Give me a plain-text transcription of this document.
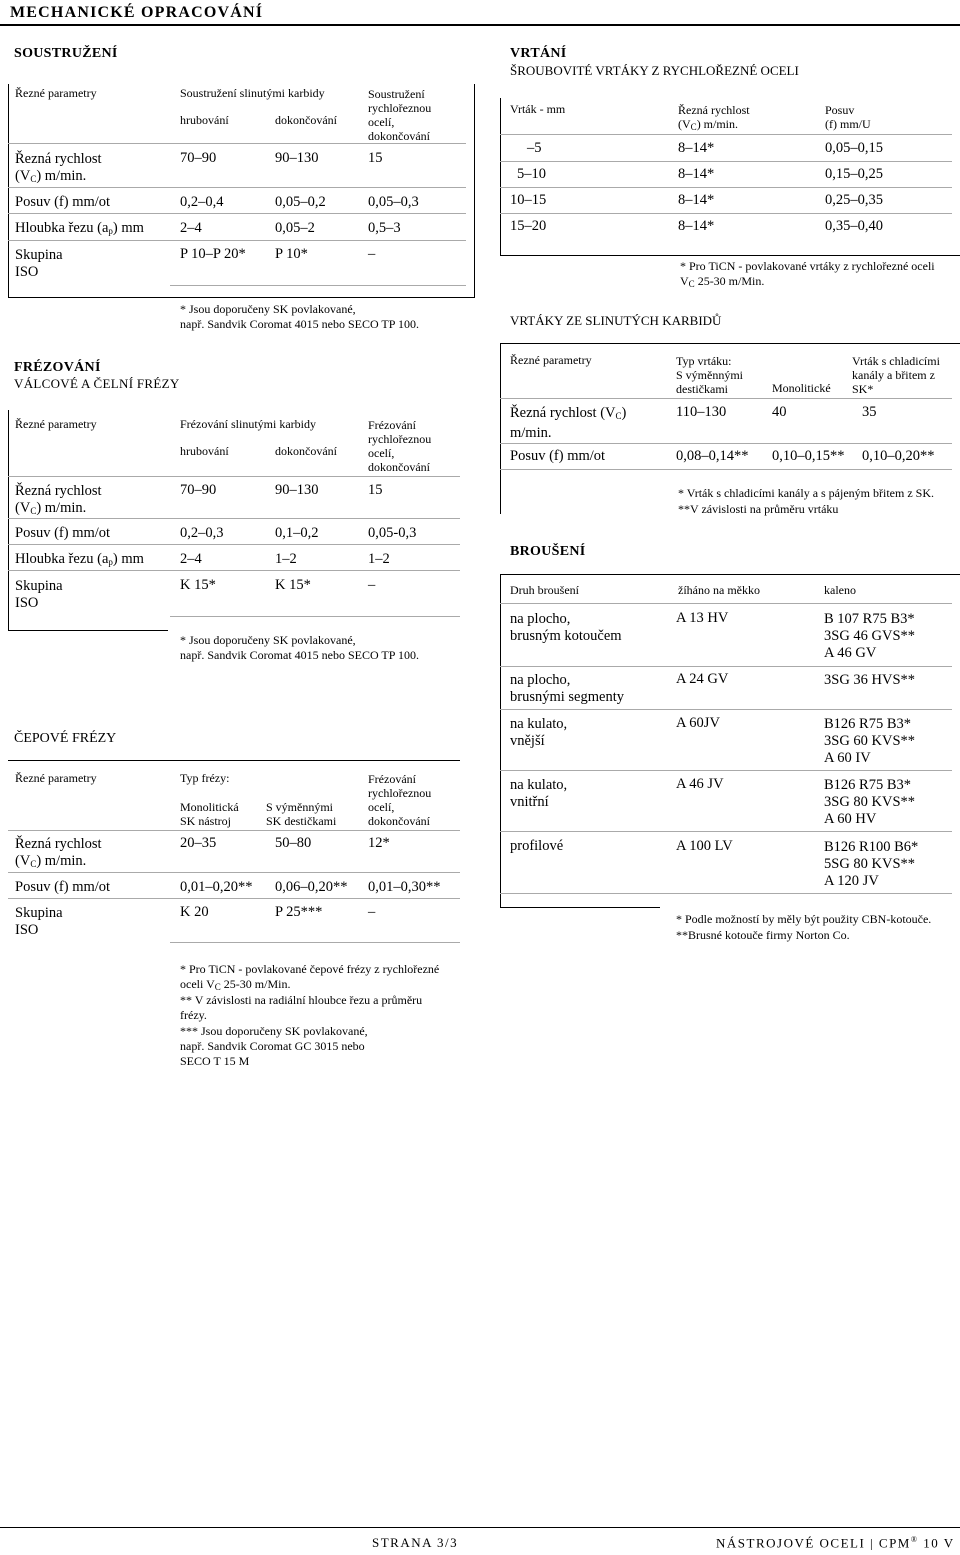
MECHANICKÉ OPRACOVÁNÍ
SOUSTRUŽENÍ
Řezné parametry	Soustružení slinutými karbidy
hrubování	dokončování
Soustružení
rychlořeznou
ocelí,
dokončování
Řezná rychlost
$(V_C)$ m/min.
70–90	90–130	15
Posuv (f) mm/ot	0,2–0,4	0,05–0,2	0,05–0,3
Hloubka řezu $(a_p)$ mm 2–4	0,05–2	0,5–3
Skupina
ISO
P 10–P 20* P 10*	–
* Jsou doporučeny SK povlakované,
např. Sandvik Coromat 4015 nebo SECO TP 100.
FRÉZOVÁNÍ
VÁLCOVÉ A ČELNÍ FRÉZY
Řezné parametry	Frézování slinutými karbidy
hrubování	dokončování
Frézování
rychlořeznou
ocelí,
dokončování
Řezná rychlost
$(V_C)$ m/min.
70–90	90–130	15
Posuv (f) mm/ot	0,2–0,3	0,1–0,2	0,05-0,3
Hloubka řezu $(a_p)$ mm 2–4	1–2	1–2
Skupina
ISO
K 15*	K 15*	–
* Jsou doporučeny SK povlakované,
např. Sandvik Coromat 4015 nebo SECO TP 100.
ČEPOVÉ FRÉZY
Řezné parametry	Typ frézy:
Monolitická
SK nástroj
S výměnnými
SK destičkami
Frézování
rychlořeznou
ocelí,
dokončování
Řezná rychlost
$(V_C)$ m/min.
20–35	50–80	12*
Posuv (f) mm/ot	0,01–0,20** 0,06–0,20** 0,01–0,30**
Skupina
ISO
K 20	P 25***	–
* Pro TiCN - povlakované čepové frézy z rychlořezné
oceli $V_C$ 25-30 m/Min.
** V závislosti na radiální hloubce řezu a průměru
frézy.
*** Jsou doporučeny SK povlakované,
např. Sandvik Coromat GC 3015 nebo
SECO T 15 M
VRTÁNÍ
ŠROUBOVITÉ VRTÁKY Z RYCHLOŘEZNÉ OCELI
Vrták - mm	Řezná rychlost
$(V_C)$ m/min.
Posuv
(f) mm/U
–5	8–14*	0,05–0,15
5–10	8–14*	0,15–0,25
10–15	8–14*	0,25–0,35
15–20	8–14*	0,35–0,40
* Pro TiCN - povlakované vrtáky z rychlořezné oceli
$V_C$ 25-30 m/Min.
VRTÁKY ZE SLINUTÝCH KARBIDŮ
Řezné parametry	Typ vrtáku:
S výměnnými
destičkami	Monolitické
Vrták s chladicími
kanály a břitem z
SK*
Řezná rychlost $(V_C)$
m/min.
110–130	40	35
Posuv (f) mm/ot	0,08–0,14** 0,10–0,15** 0,10–0,20**
* Vrták s chladicími kanály a s pájeným břitem z SK.
**V závislosti na průměru vrtáku
BROUŠENÍ
Druh broušení	žíháno na měkko	kaleno
na plocho,
brusným kotoučem
A 13 HV	B 107 R75 B3*
3SG 46 GVS**
A 46 GV
na plocho,
brusnými segmenty
A 24 GV	3SG 36 HVS**
na kulato,
vnější
A 60JV	B126 R75 B3*
3SG 60 KVS**
A 60 IV
na kulato,
vnitřní
A 46 JV	B126 R75 B3*
3SG 80 KVS**
A 60 HV
profilové	A 100 LV	B126 R100 B6*
5SG 80 KVS**
A 120 JV
* Podle možností by měly být použity CBN-kotouče.
**Brusné kotouče firmy Norton Co.
STRANA 3/3	NÁSTROJOVÉ OCELI | CPM® 10 V
